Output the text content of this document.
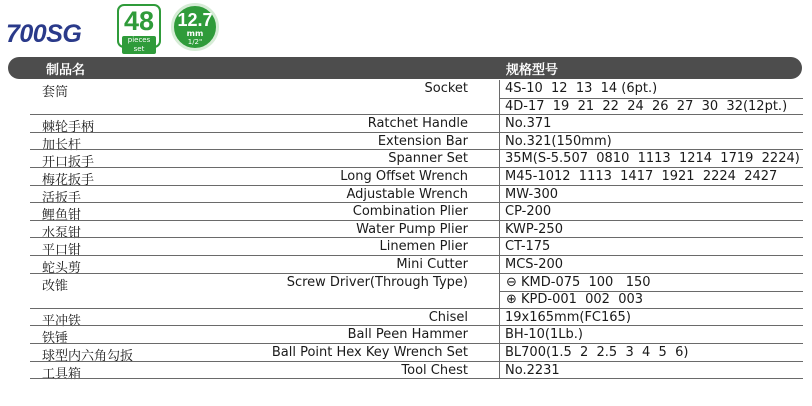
700SG 48
pieces set
12.7
mm
1/2"
制品名	规格型号
套筒	Socket	4S-10  12  13  14 (6pt.)
4D-17  19  21  22  24  26  27  30  32(12pt.)
棘轮手柄	Ratchet Handle	No.371
加长杆	Extension Bar	No.321(150mm)
开口扳手	Spanner Set	35M(S-5.507  0810  1113  1214  1719  2224)
梅花扳手	Long Offset Wrench	M45-1012  1113  1417  1921  2224  2427
活扳手	Adjustable Wrench	MW-300
鲤鱼钳	Combination Plier	CP-200
水泵钳	Water Pump Plier	KWP-250
平口钳	Linemen Plier	CT-175
蛇头剪	Mini Cutter	MCS-200
改锥	Screw Driver(Through Type)	⊖ KMD-075  100   150
⊕ KPD-001  002  003
平冲铁	Chisel	19x165mm(FC165)
铁锤	Ball Peen Hammer	BH-10(1Lb.)
球型内六角勾扳	Ball Point Hex Key Wrench Set	BL700(1.5  2  2.5  3  4  5  6)
工具箱	Tool Chest	No.2231
